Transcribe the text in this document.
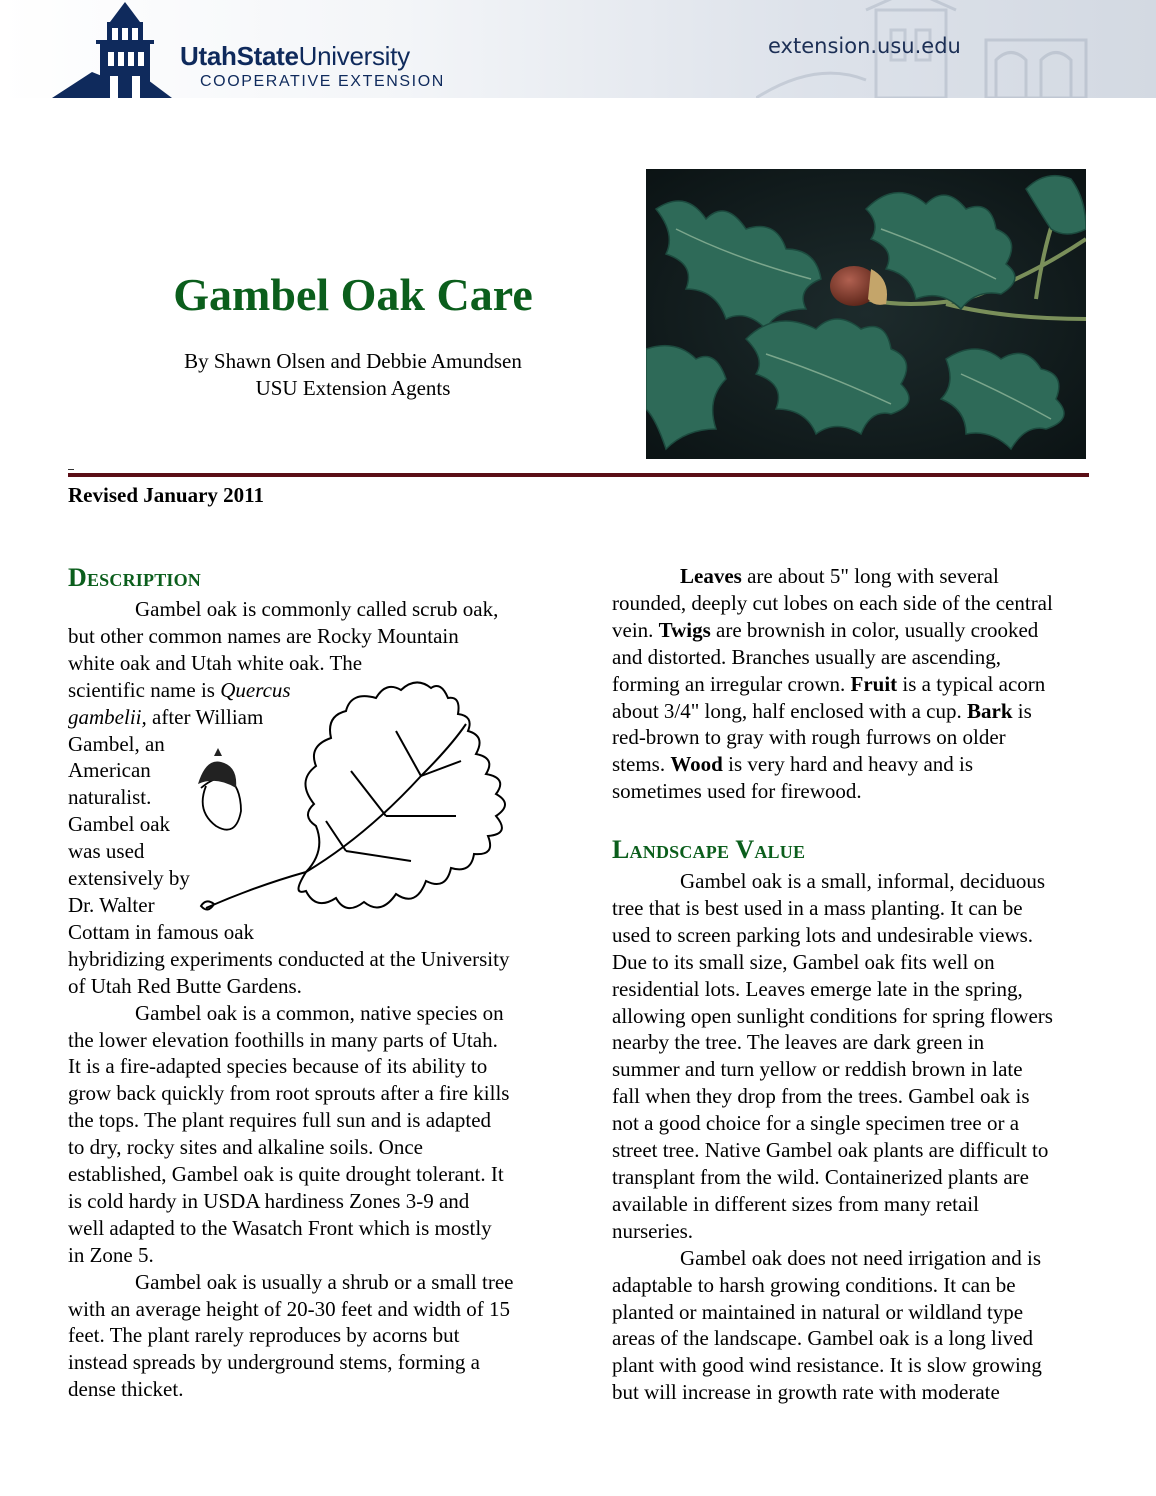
UtahStateUniversity
COOPERATIVE EXTENSION
extension.usu.edu
Gambel Oak Care
By Shawn Olsen and Debbie Amundsen
USU Extension Agents
Revised January 2011
Description
Gambel oak is commonly called scrub oak,
but other common names are Rocky Mountain
white oak and Utah white oak. The
scientific name is Quercus
gambelii, after William
Gambel, an
American
naturalist.
Gambel oak
was used
extensively by
Dr. Walter
Cottam in famous oak
hybridizing experiments conducted at the University
of Utah Red Butte Gardens.
Gambel oak is a common, native species on
the lower elevation foothills in many parts of Utah.
It is a fire-adapted species because of its ability to
grow back quickly from root sprouts after a fire kills
the tops. The plant requires full sun and is adapted
to dry, rocky sites and alkaline soils. Once
established, Gambel oak is quite drought tolerant. It
is cold hardy in USDA hardiness Zones 3-9 and
well adapted to the Wasatch Front which is mostly
in Zone 5.
Gambel oak is usually a shrub or a small tree
with an average height of 20-30 feet and width of 15
feet. The plant rarely reproduces by acorns but
instead spreads by underground stems, forming a
dense thicket.
Leaves are about 5" long with several
rounded, deeply cut lobes on each side of the central
vein. Twigs are brownish in color, usually crooked
and distorted. Branches usually are ascending,
forming an irregular crown. Fruit is a typical acorn
about 3/4" long, half enclosed with a cup. Bark is
red-brown to gray with rough furrows on older
stems. Wood is very hard and heavy and is
sometimes used for firewood.
Landscape Value
Gambel oak is a small, informal, deciduous
tree that is best used in a mass planting. It can be
used to screen parking lots and undesirable views.
Due to its small size, Gambel oak fits well on
residential lots. Leaves emerge late in the spring,
allowing open sunlight conditions for spring flowers
nearby the tree. The leaves are dark green in
summer and turn yellow or reddish brown in late
fall when they drop from the trees. Gambel oak is
not a good choice for a single specimen tree or a
street tree. Native Gambel oak plants are difficult to
transplant from the wild. Containerized plants are
available in different sizes from many retail
nurseries.
Gambel oak does not need irrigation and is
adaptable to harsh growing conditions. It can be
planted or maintained in natural or wildland type
areas of the landscape. Gambel oak is a long lived
plant with good wind resistance. It is slow growing
but will increase in growth rate with moderate
